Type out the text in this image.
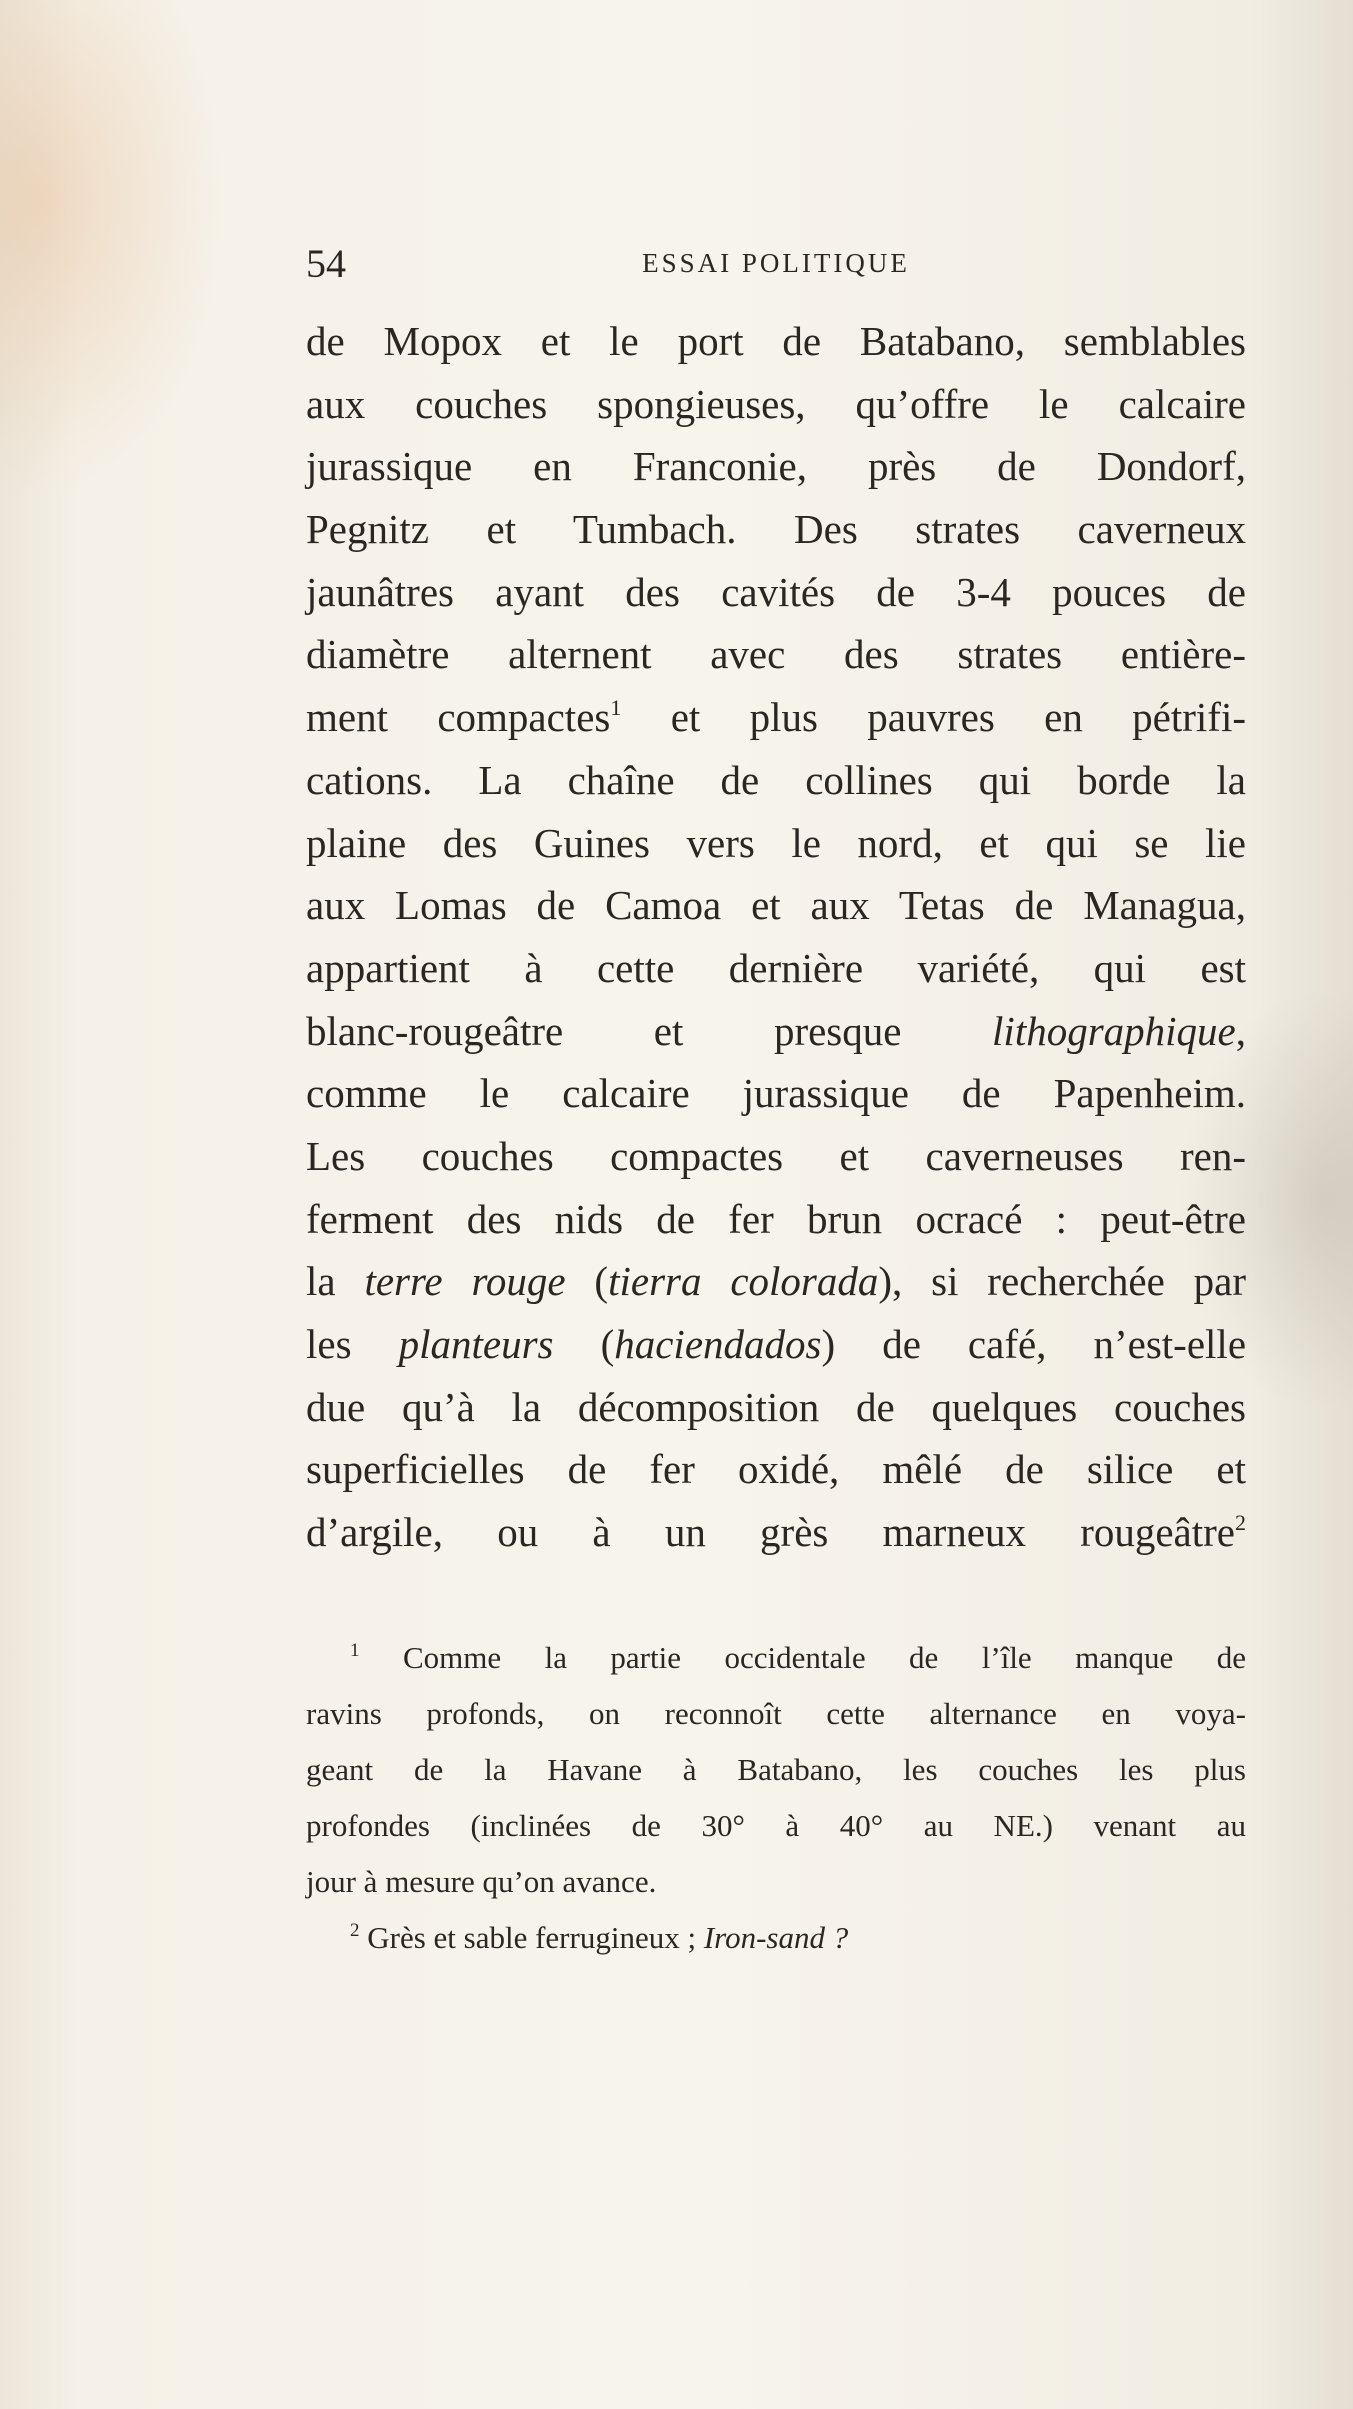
54	ESSAI POLITIQUE
de Mopox et le port de Batabano, semblables
aux couches spongieuses, qu’offre le calcaire
jurassique en Franconie, près de Dondorf,
Pegnitz et Tumbach. Des strates caverneux
jaunâtres ayant des cavités de 3-4 pouces de
diamètre alternent avec des strates entière-
ment compactes$^1$ et plus pauvres en pétrifi-
cations. La chaîne de collines qui borde la
plaine des Guines vers le nord, et qui se lie
aux Lomas de Camoa et aux Tetas de Managua,
appartient à cette dernière variété, qui est
blanc-rougeâtre et presque lithographique,
comme le calcaire jurassique de Papenheim.
Les couches compactes et caverneuses ren-
ferment des nids de fer brun ocracé : peut-être
la terre rouge (tierra colorada), si recherchée par
les planteurs (haciendados) de café, n’est-elle
due qu’à la décomposition de quelques couches
superficielles de fer oxidé, mêlé de silice et
d’argile, ou à un grès marneux rougeâtre$^2$
$^1$ Comme la partie occidentale de l’île manque de
ravins profonds, on reconnoît cette alternance en voya-
geant de la Havane à Batabano, les couches les plus
profondes (inclinées de 30° à 40° au NE.) venant au
jour à mesure qu’on avance.
$^2$ Grès et sable ferrugineux ; Iron-sand ?
